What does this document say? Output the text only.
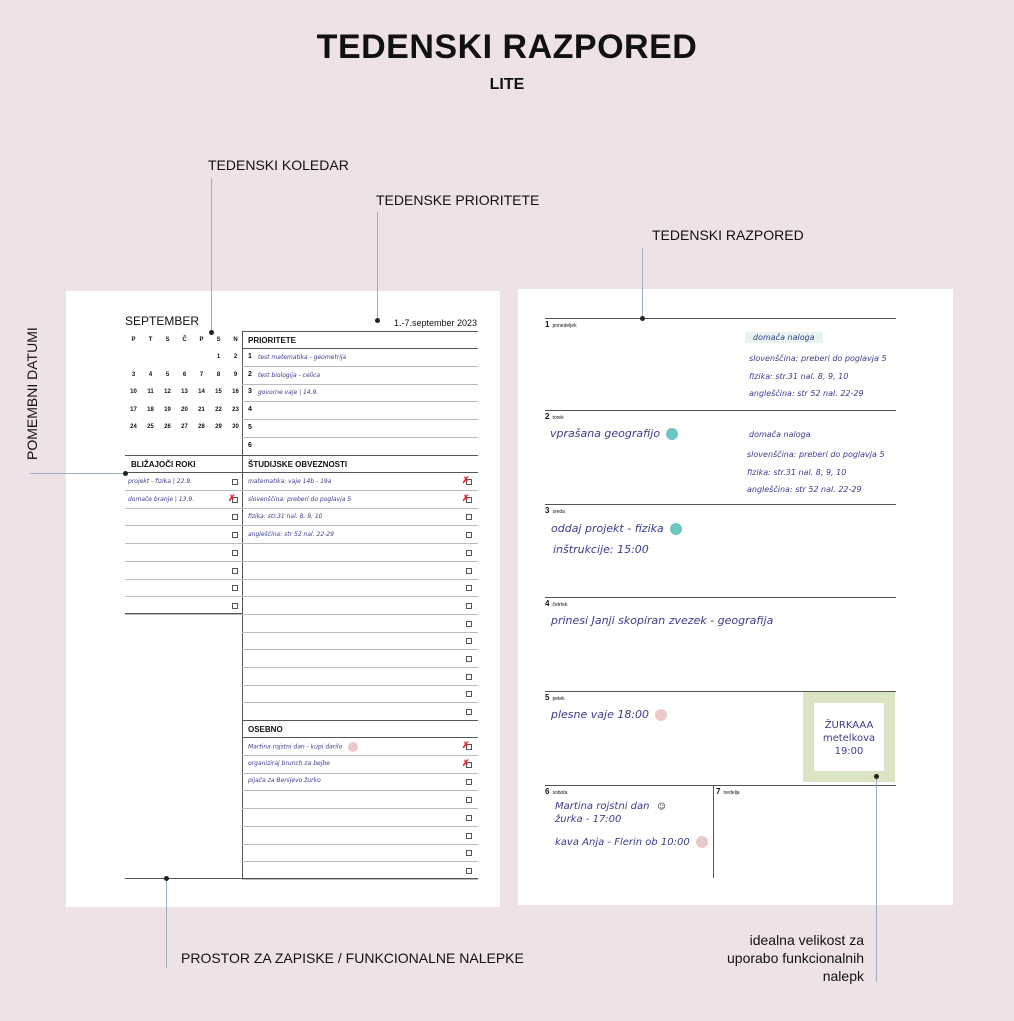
TEDENSKI RAZPORED
LITE
TEDENSKI KOLEDAR
TEDENSKE PRIORITETE
TEDENSKI RAZPORED
POMEMBNI DATUMI
PROSTOR ZA ZAPISKE / FUNKCIONALNE NALEPKE
idealna velikost za
uporabo funkcionalnih
nalepk
SEPTEMBER	1.-7.september 2023
P	T	S	Č	P	S	N
					1	2
3	4	5	6	7	8	9
10	11	12	13	14	15	16
17	18	19	20	21	22	23
24	25	26	27	28	29	30
PRIORITETE
1 test matematika - geometrija
2 test biologija - celica
3 govorne vaje | 14.9.
4
5
6
BLIŽAJOČI ROKI	ŠTUDIJSKE OBVEZNOSTI
projekt - fizika | 22.9.
domače branje | 13.9.	✗
matematika: vaje 14b - 19a	✗
slovenščina: preberi do poglavja 5	✗
fizika: str.31 nal. 8, 9, 10
angleščina: str 52 nal. 22-29
OSEBNO
Martina rojstni dan - kupi darilo	✗
organiziraj brunch za bejbe	✗
pijača za Benijevo žurko
1 ponedeljek
2 torek
3 sreda
4 četrtek
5 petek
6 sobota	7 nedelja
domača naloga
slovenščina: preberi do poglavja 5
fizika: str.31 nal. 8, 9, 10
angleščina: str 52 nal. 22-29
vprašana geografijo	domača naloga
slovenščina: preberi do poglavja 5
fizika: str.31 nal. 8, 9, 10
angleščina: str 52 nal. 22-29
oddaj projekt - fizika
inštrukcije: 15:00
prinesi Janji skopiran zvezek - geografija
plesne vaje 18:00
ŽURKAAA
metelkova
19:00
Martina rojstni dan ☺
žurka - 17:00
kava Anja - Flerin ob 10:00
